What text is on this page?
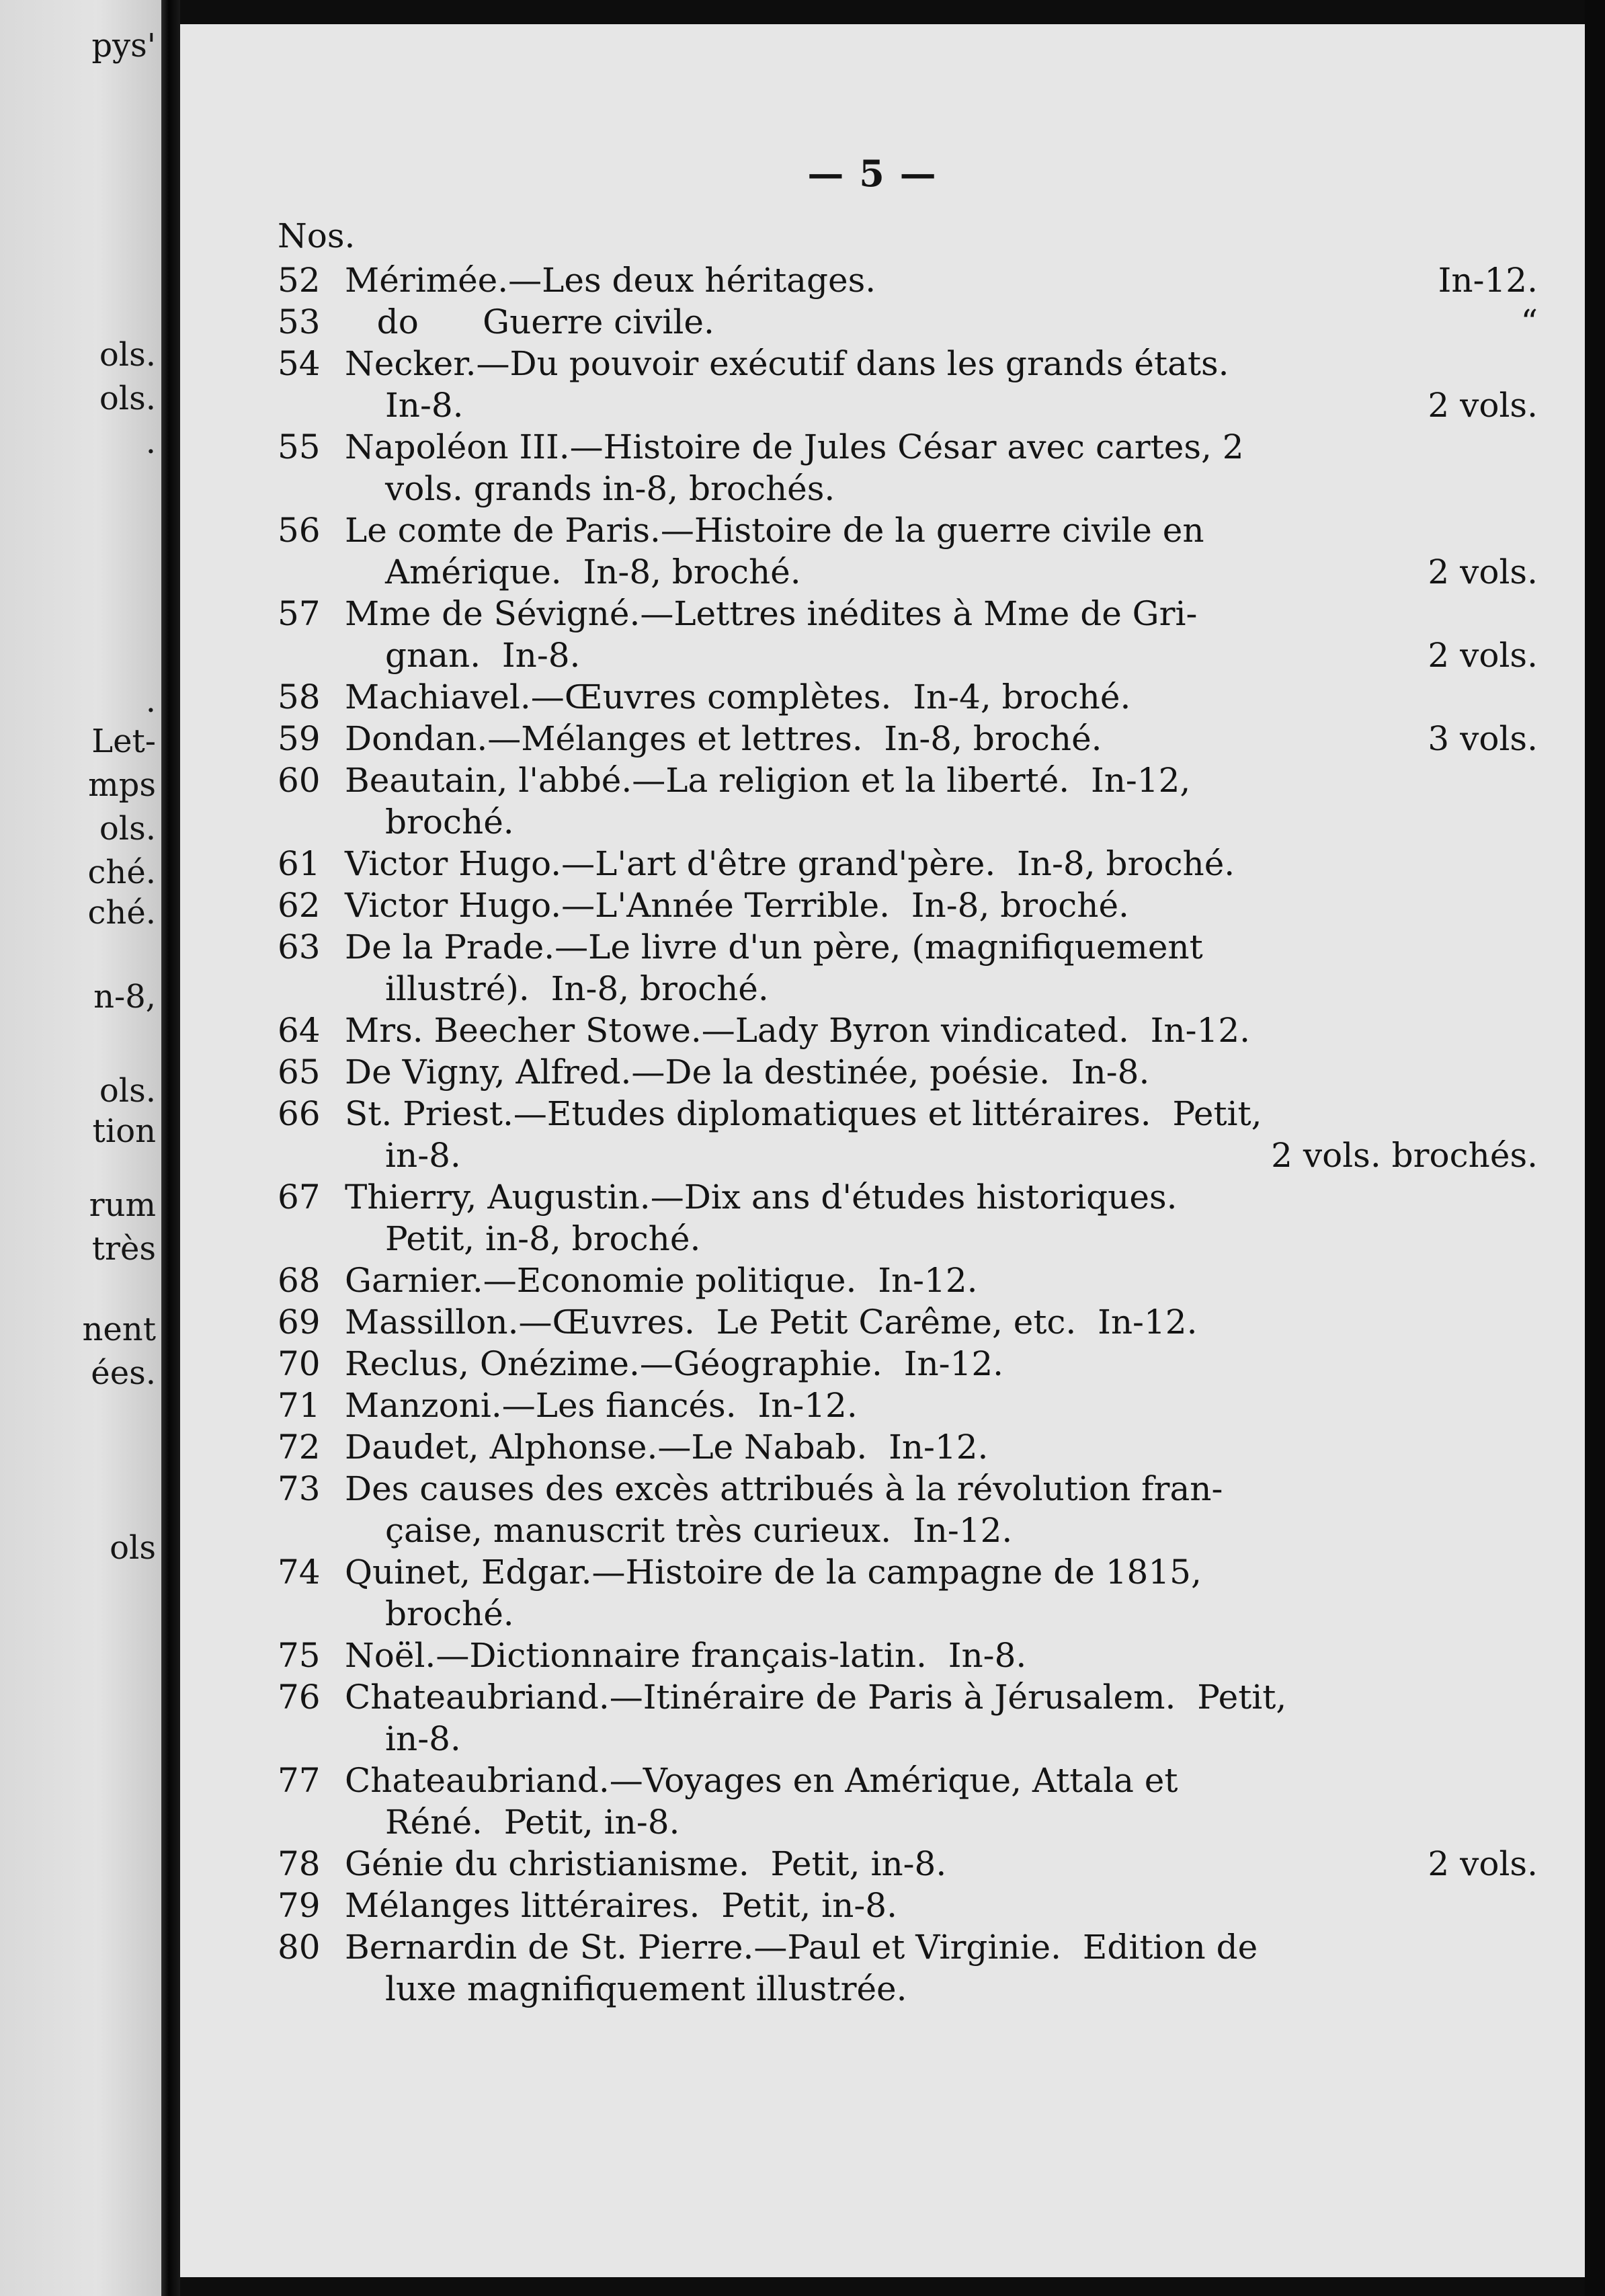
pys'
ols.
ols.
.
.
Let-
mps
ols.
ché.
ché.
n-8,
ols.
tion
rum
très
nent
ées.
ols
— 5 —
Nos.
52 Mérimée.—Les deux héritages.	In-12.
53 do      Guerre civile.	“
54 Necker.—Du pouvoir exécutif dans les grands états.
In-8.	2 vols.
55 Napoléon III.—Histoire de Jules César avec cartes, 2
vols. grands in-8, brochés.
56 Le comte de Paris.—Histoire de la guerre civile en
Amérique.  In-8, broché.	2 vols.
57 Mme de Sévigné.—Lettres inédites à Mme de Gri-
gnan.  In-8.	2 vols.
58 Machiavel.—Œuvres complètes.  In-4, broché.
59 Dondan.—Mélanges et lettres.  In-8, broché.	3 vols.
60 Beautain, l'abbé.—La religion et la liberté.  In-12,
broché.
61 Victor Hugo.—L'art d'être grand'père.  In-8, broché.
62 Victor Hugo.—L'Année Terrible.  In-8, broché.
63 De la Prade.—Le livre d'un père, (magnifiquement
illustré).  In-8, broché.
64 Mrs. Beecher Stowe.—Lady Byron vindicated.  In-12.
65 De Vigny, Alfred.—De la destinée, poésie.  In-8.
66 St. Priest.—Etudes diplomatiques et littéraires.  Petit,
in-8.	2 vols. brochés.
67 Thierry, Augustin.—Dix ans d'études historiques.
Petit, in-8, broché.
68 Garnier.—Economie politique.  In-12.
69 Massillon.—Œuvres.  Le Petit Carême, etc.  In-12.
70 Reclus, Onézime.—Géographie.  In-12.
71 Manzoni.—Les fiancés.  In-12.
72 Daudet, Alphonse.—Le Nabab.  In-12.
73 Des causes des excès attribués à la révolution fran-
çaise, manuscrit très curieux.  In-12.
74 Quinet, Edgar.—Histoire de la campagne de 1815,
broché.
75 Noël.—Dictionnaire français-latin.  In-8.
76 Chateaubriand.—Itinéraire de Paris à Jérusalem.  Petit,
in-8.
77 Chateaubriand.—Voyages en Amérique, Attala et
Réné.  Petit, in-8.
78 Génie du christianisme.  Petit, in-8.	2 vols.
79 Mélanges littéraires.  Petit, in-8.
80 Bernardin de St. Pierre.—Paul et Virginie.  Edition de
luxe magnifiquement illustrée.
